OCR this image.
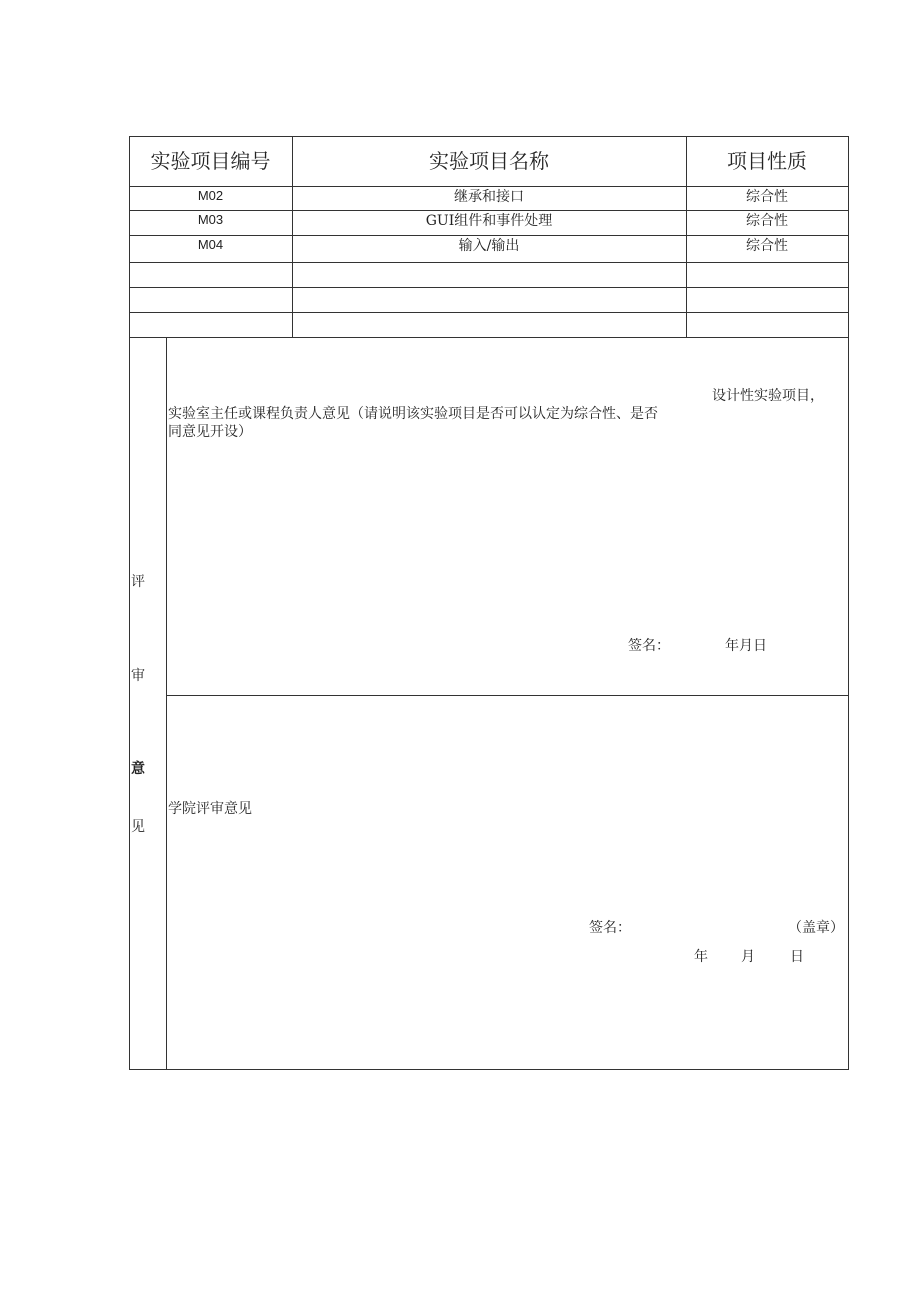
实验项目编号	实验项目名称	项目性质
M02	继承和接口	综合性
M03	GUI组件和事件处理	综合性
M04	输入/输出	综合性
评
审
意
见
实验室主任或课程负责人意见（请说明该实验项目是否可以认定为综合性、是否
设计性实验项目，
同意见开设）
签名：	年月日
学院评审意见
签名：	（盖章）
年 月	日
